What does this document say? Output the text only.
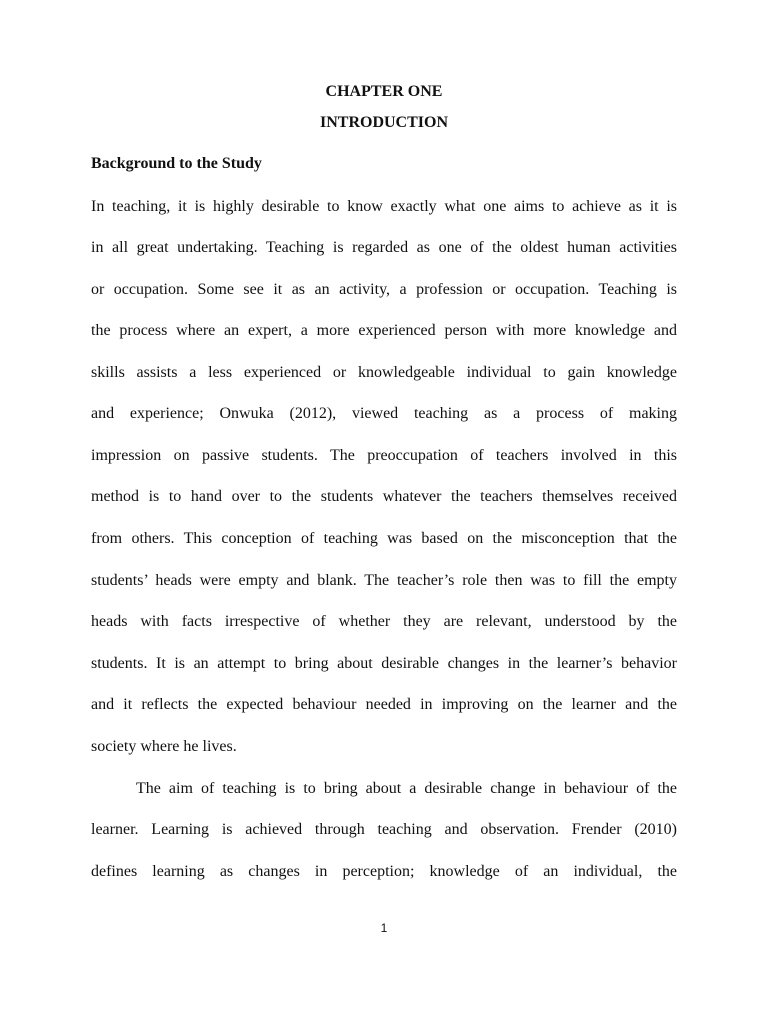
CHAPTER ONE
INTRODUCTION
Background to the Study
In teaching, it is highly desirable to know exactly what one aims to achieve as it is
in all great undertaking. Teaching is regarded as one of the oldest human activities
or occupation. Some see it as an activity, a profession or occupation. Teaching is
the process where an expert, a more experienced person with more knowledge and
skills assists a less experienced or knowledgeable individual to gain knowledge
and experience; Onwuka (2012), viewed teaching as a process of making
impression on passive students. The preoccupation of teachers involved in this
method is to hand over to the students whatever the teachers themselves received
from others. This conception of teaching was based on the misconception that the
students’ heads were empty and blank. The teacher’s role then was to fill the empty
heads with facts irrespective of whether they are relevant, understood by the
students. It is an attempt to bring about desirable changes in the learner’s behavior
and it reflects the expected behaviour needed in improving on the learner and the
society where he lives.
The aim of teaching is to bring about a desirable change in behaviour of the
learner. Learning is achieved through teaching and observation. Frender (2010)
defines learning as changes in perception; knowledge of an individual, the
1
